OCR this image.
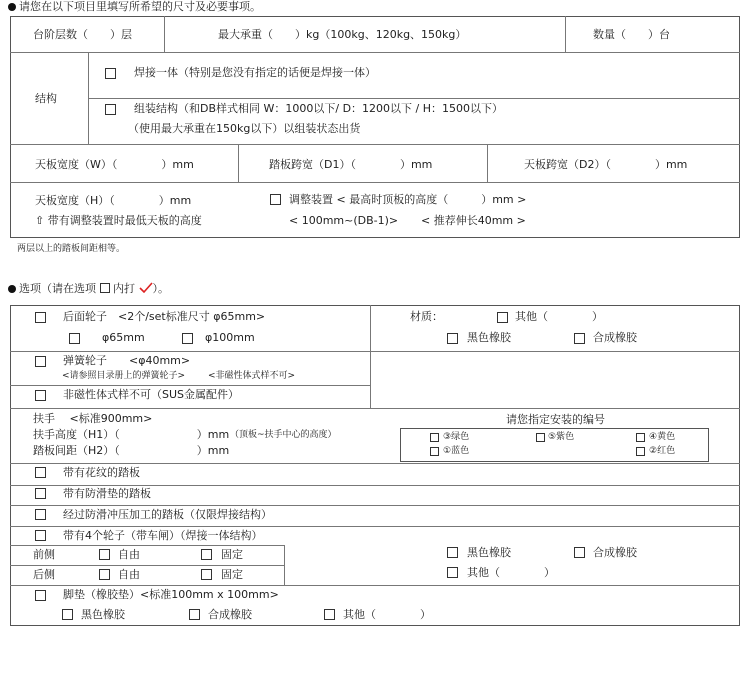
请您在以下项目里填写所希望的尺寸及必要事项。
台阶层数（　　）层	最大承重（　　）kg（100kg、120kg、150kg）	数量（　　）台
结构
焊接一体（特别是您没有指定的话便是焊接一体）
组装结构（和DB样式相同 W：1000以下/ D：1200以下 / H：1500以下）
（使用最大承重在150kg以下）以组装状态出货
天板宽度（W）（　　　　）mm	踏板跨宽（D1）（　　　　）mm	天板跨宽（D2）（　　　　）mm
天板宽度（H）（　　　　）mm
⇧ 带有调整装置时最低天板的高度
调整装置 < 最高时顶板的高度（　　　）mm >
< 100mm~(DB-1)> < 推荐伸长40mm >
两层以上的踏板间距相等。
选项（请在选项 内打 ）。
后面轮子　<2个/set标准尺寸 φ65mm>
φ65mm	φ100mm
材质：	其他（　　　　）
黑色橡胶	合成橡胶
弹簧轮子　　<φ40mm>
<请参照目录册上的弹簧轮子>	<非磁性体式样不可>
非磁性体式样不可（SUS金属配件）
扶手　 <标准900mm>
扶手高度（H1）（　　　　　　　）mm （顶板~扶手中心的高度）
踏板间距（H2）（　　　　　　　）mm
请您指定安装的编号
③绿色	⑤紫色	④黄色
①蓝色	②红色
带有花纹的踏板
带有防滑垫的踏板
经过防滑冲压加工的踏板（仅限焊接结构）
带有4个轮子（带车闸）（焊接一体结构）
前侧	自由	固定
后侧	自由	固定
黑色橡胶	合成橡胶
其他（　　　　）
脚垫（橡胶垫）<标准100mm x 100mm>
黑色橡胶	合成橡胶	其他（　　　　）
